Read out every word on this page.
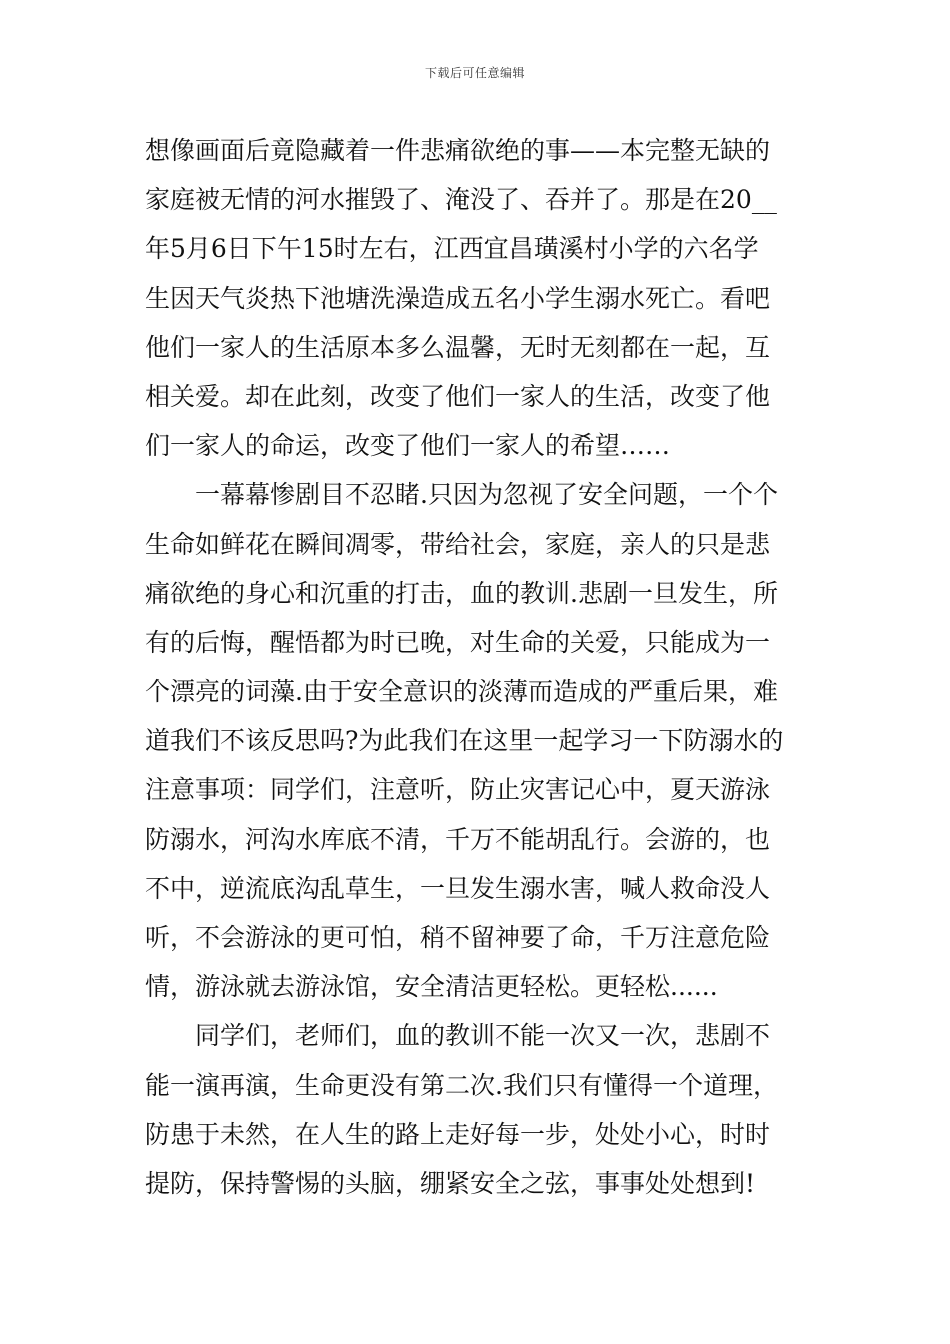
下载后可任意编辑
想像画面后竟隐藏着一件悲痛欲绝的事——本完整无缺的
家庭被无情的河水摧毁了、淹没了、吞并了。那是在20__
年5月6日下午15时左右，江西宜昌璜溪村小学的六名学
生因天气炎热下池塘洗澡造成五名小学生溺水死亡。看吧
他们一家人的生活原本多么温馨，无时无刻都在一起，互
相关爱。却在此刻，改变了他们一家人的生活，改变了他
们一家人的命运，改变了他们一家人的希望……
一幕幕惨剧目不忍睹.只因为忽视了安全问题，一个个
生命如鲜花在瞬间凋零，带给社会，家庭，亲人的只是悲
痛欲绝的身心和沉重的打击，血的教训.悲剧一旦发生，所
有的后悔，醒悟都为时已晚，对生命的关爱，只能成为一
个漂亮的词藻.由于安全意识的淡薄而造成的严重后果，难
道我们不该反思吗?为此我们在这里一起学习一下防溺水的
注意事项：同学们，注意听，防止灾害记心中，夏天游泳
防溺水，河沟水库底不清，千万不能胡乱行。会游的，也
不中，逆流底沟乱草生，一旦发生溺水害，喊人救命没人
听，不会游泳的更可怕，稍不留神要了命，千万注意危险
情，游泳就去游泳馆，安全清洁更轻松。更轻松......
同学们，老师们，血的教训不能一次又一次，悲剧不
能一演再演，生命更没有第二次.我们只有懂得一个道理，
防患于未然，在人生的路上走好每一步，处处小心，时时
提防，保持警惕的头脑，绷紧安全之弦，事事处处想到!
